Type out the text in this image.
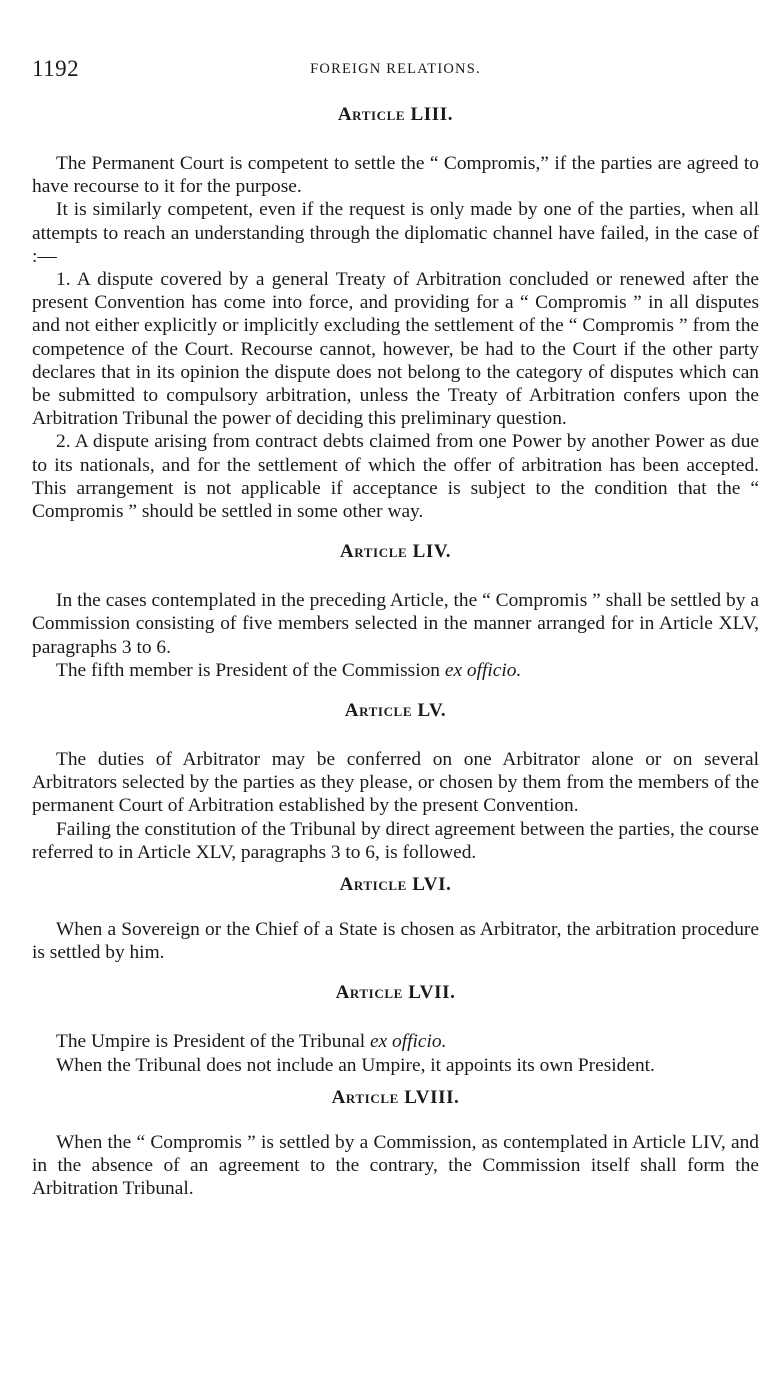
1192	FOREIGN RELATIONS.
Article LIII.

The Permanent Court is competent to settle the “ Compromis,” if the parties are agreed to have recourse to it for the purpose.

It is similarly competent, even if the request is only made by one of the parties, when all attempts to reach an understanding through the diplomatic channel have failed, in the case of :—

1. A dispute covered by a general Treaty of Arbitration concluded or renewed after the present Convention has come into force, and providing for a “ Compromis ” in all disputes and not either explicitly or implicitly excluding the settlement of the “ Compromis ” from the competence of the Court. Recourse cannot, however, be had to the Court if the other party declares that in its opinion the dispute does not belong to the category of disputes which can be submitted to compulsory arbitration, unless the Treaty of Arbitration confers upon the Arbitration Tribunal the power of deciding this preliminary question.

2. A dispute arising from contract debts claimed from one Power by another Power as due to its nationals, and for the settlement of which the offer of arbitration has been accepted. This arrangement is not applicable if acceptance is subject to the condition that the “ Compromis ” should be settled in some other way.

Article LIV.

In the cases contemplated in the preceding Article, the “ Compromis ” shall be settled by a Commission consisting of five members selected in the manner arranged for in Article XLV, paragraphs 3 to 6.

The fifth member is President of the Commission ex officio.

Article LV.

The duties of Arbitrator may be conferred on one Arbitrator alone or on several Arbitrators selected by the parties as they please, or chosen by them from the members of the permanent Court of Arbitration established by the present Convention.

Failing the constitution of the Tribunal by direct agreement between the parties, the course referred to in Article XLV, paragraphs 3 to 6, is followed.

Article LVI.

When a Sovereign or the Chief of a State is chosen as Arbitrator, the arbitration procedure is settled by him.

Article LVII.

The Umpire is President of the Tribunal ex officio.

When the Tribunal does not include an Umpire, it appoints its own President.

Article LVIII.

When the “ Compromis ” is settled by a Commission, as contemplated in Article LIV, and in the absence of an agreement to the contrary, the Commission itself shall form the Arbitration Tribunal.
